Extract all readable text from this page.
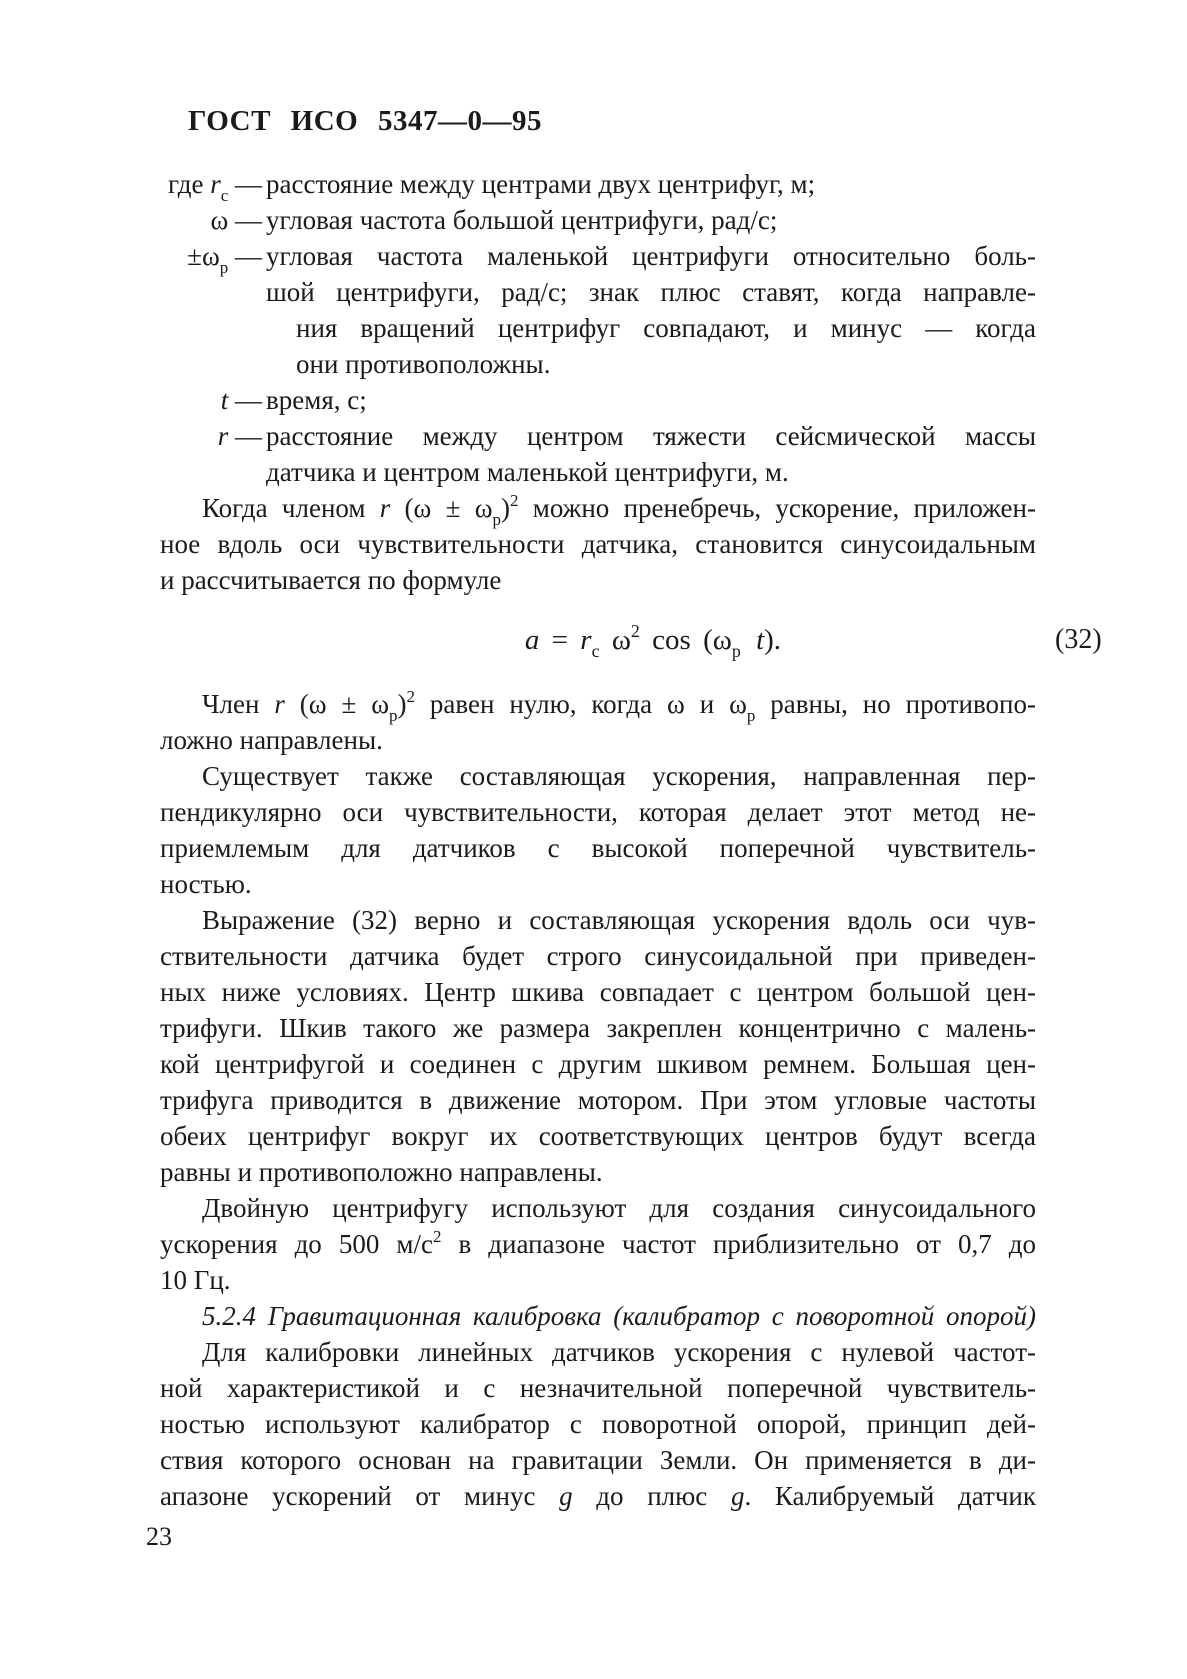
ГОСТ ИСО 5347—0—95
где $r_c$ — расстояние между центрами двух центрифуг, м;
ω — угловая частота большой центрифуги, рад/с;
$\pm\omega_p$ — угловая частота маленькой центрифуги относительно боль-
шой центрифуги, рад/с; знак плюс ставят, когда направле-
ния вращений центрифуг совпадают, и минус — когда
они противоположны.
t — время, с;
r — расстояние между центром тяжести сейсмической массы
датчика и центром маленькой центрифуги, м.
Когда членом r $(\omega \pm \omega_p)^2$ можно пренебречь, ускорение, приложен-
ное вдоль оси чувствительности датчика, становится синусоидальным
и рассчитывается по формуле
$a = r_c$ $\omega^2$ $\cos (\omega_p$ t).	(32)
Член r $(\omega \pm \omega_p)^2$ равен нулю, когда ω и $\omega_p$ равны, но противопо-
ложно направлены.
Существует также составляющая ускорения, направленная пер-
пендикулярно оси чувствительности, которая делает этот метод не-
приемлемым для датчиков с высокой поперечной чувствитель-
ностью.
Выражение (32) верно и составляющая ускорения вдоль оси чув-
ствительности датчика будет строго синусоидальной при приведен-
ных ниже условиях. Центр шкива совпадает с центром большой цен-
трифуги. Шкив такого же размера закреплен концентрично с малень-
кой центрифугой и соединен с другим шкивом ремнем. Большая цен-
трифуга приводится в движение мотором. При этом угловые частоты
обеих центрифуг вокруг их соответствующих центров будут всегда
равны и противоположно направлены.
Двойную центрифугу используют для создания синусоидального
ускорения до 500 $м/с^2$ в диапазоне частот приблизительно от 0,7 до
10 Гц.
5.2.4 Гравитационная калибровка (калибратор с поворотной опорой)
Для калибровки линейных датчиков ускорения с нулевой частот-
ной характеристикой и с незначительной поперечной чувствитель-
ностью используют калибратор с поворотной опорой, принцип дей-
ствия которого основан на гравитации Земли. Он применяется в ди-
апазоне ускорений от минус g до плюс g. Калибруемый датчик
23
